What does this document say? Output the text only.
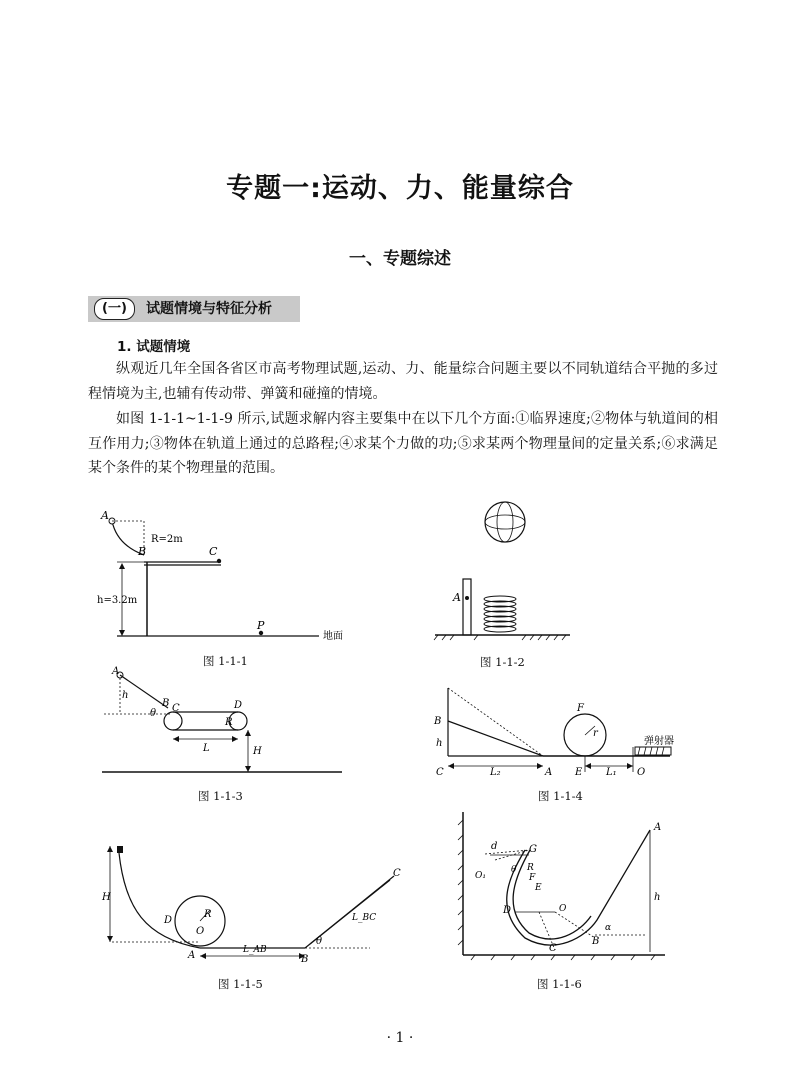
专题一:运动、力、能量综合
一、专题综述
(一)	试题情境与特征分析
1. 试题情境
纵观近几年全国各省区市高考物理试题,运动、力、能量综合问题主要以不同轨道结合平抛的多过程情境为主,也辅有传动带、弹簧和碰撞的情境。
如图 1-1-1~1-1-9 所示,试题求解内容主要集中在以下几个方面:①临界速度;②物体与轨道间的相互作用力;③物体在轨道上通过的总路程;④求某个力做的功;⑤求某两个物理量间的定量关系;⑥求满足某个条件的某个物理量的范围。
A
B	C
R=2m
h=3.2m
P
地面
图 1-1-1
A
图 1-1-2
A
h
B
θ C	D
R
L	H
图 1-1-3
B
h
C	L₂	A
F
r
E L₁ O
弹射器
图 1-1-4
H
D
R
O
A	L_AB
B
θ
L_BC
C
图 1-1-5
d	G
O₁
θ R
F
E
D	O
C
B
A
α
h
图 1-1-6
· 1 ·
